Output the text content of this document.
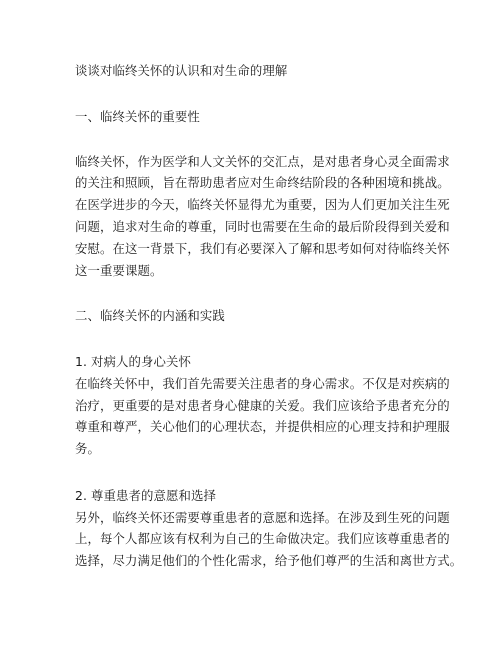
谈谈对临终关怀的认识和对生命的理解
一、临终关怀的重要性
临终关怀，作为医学和人文关怀的交汇点，是对患者身心灵全面需求
的关注和照顾，旨在帮助患者应对生命终结阶段的各种困境和挑战。
在医学进步的今天，临终关怀显得尤为重要，因为人们更加关注生死
问题，追求对生命的尊重，同时也需要在生命的最后阶段得到关爱和
安慰。在这一背景下，我们有必要深入了解和思考如何对待临终关怀
这一重要课题。
二、临终关怀的内涵和实践
1. 对病人的身心关怀
在临终关怀中，我们首先需要关注患者的身心需求。不仅是对疾病的
治疗，更重要的是对患者身心健康的关爱。我们应该给予患者充分的
尊重和尊严，关心他们的心理状态，并提供相应的心理支持和护理服
务。
2. 尊重患者的意愿和选择
另外，临终关怀还需要尊重患者的意愿和选择。在涉及到生死的问题
上，每个人都应该有权利为自己的生命做决定。我们应该尊重患者的
选择，尽力满足他们的个性化需求，给予他们尊严的生活和离世方式。
